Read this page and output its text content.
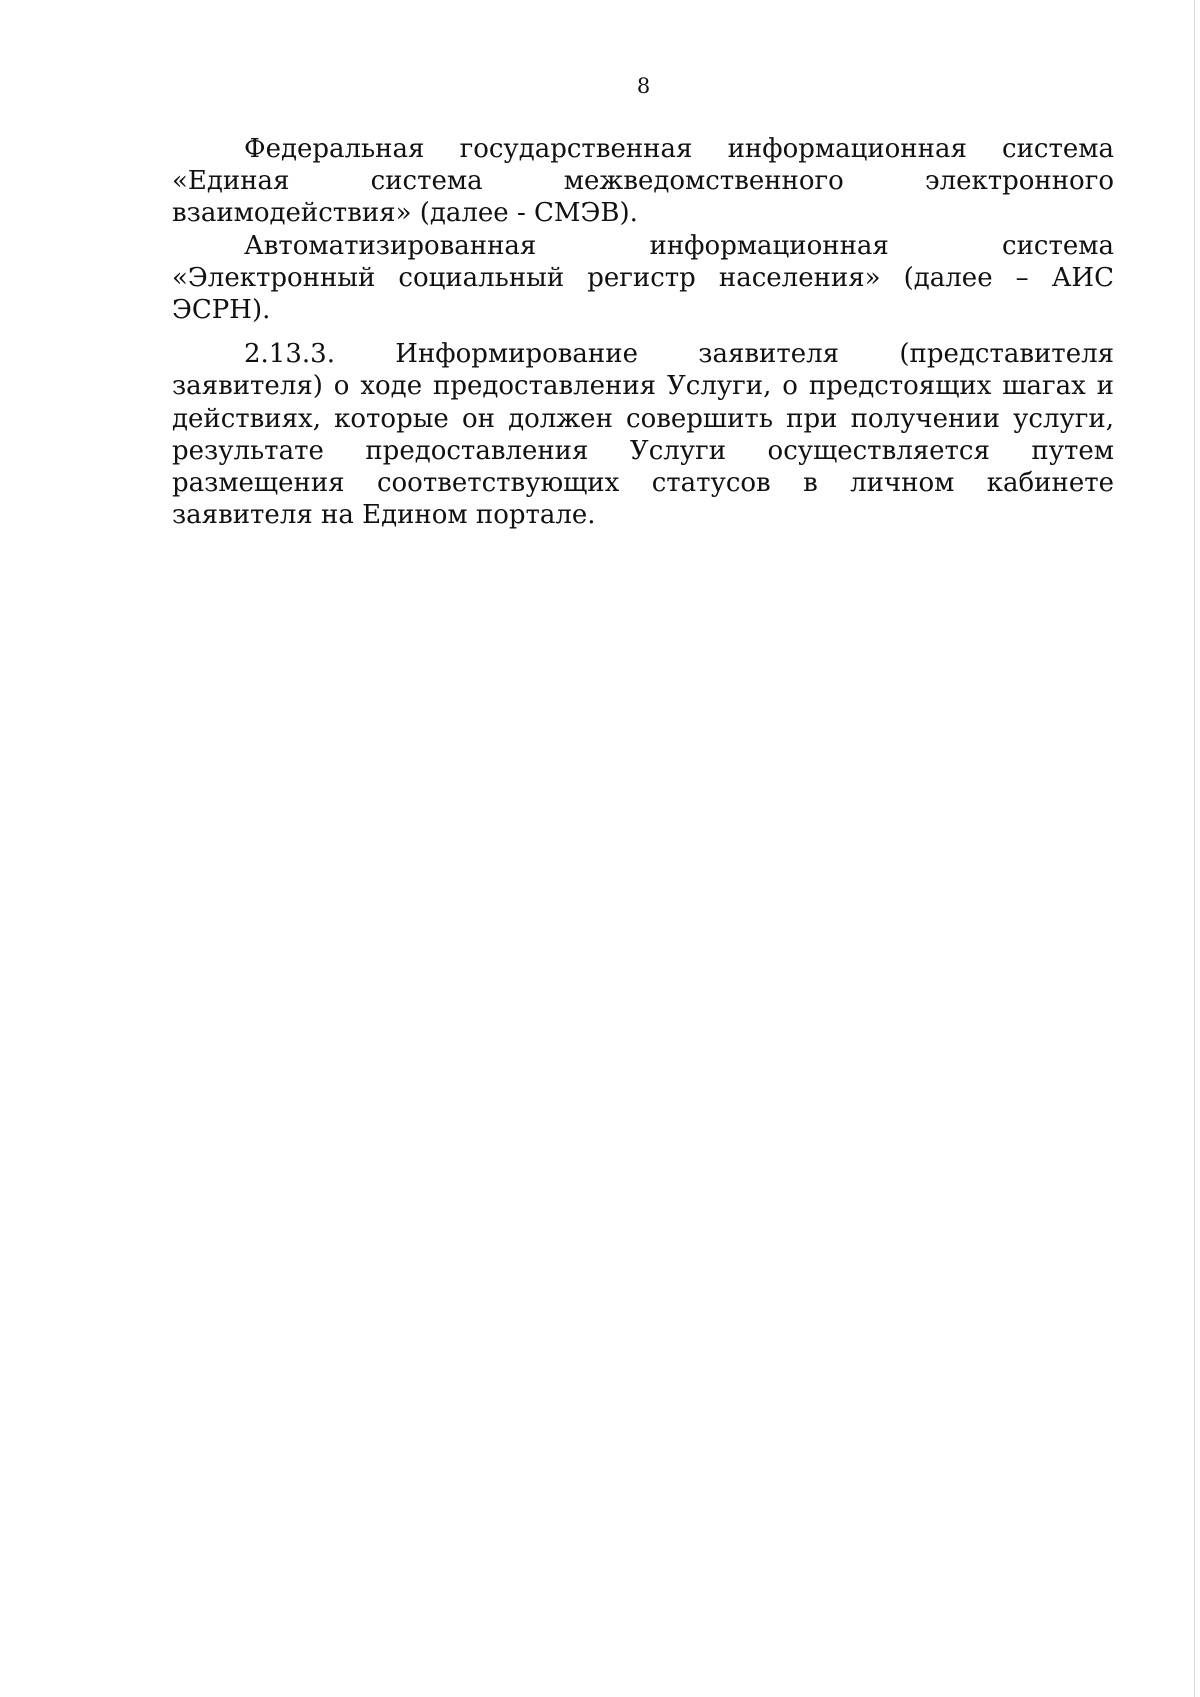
8

Федеральная государственная информационная система «Единая система межведомственного электронного взаимодействия» (далее - СМЭВ).

Автоматизированная информационная система «Электронный социальный регистр населения» (далее – АИС ЭСРН).

2.13.3. Информирование заявителя (представителя заявителя) о ходе предоставления Услуги, о предстоящих шагах и действиях, которые он должен совершить при получении услуги, результате предоставления Услуги осуществляется путем размещения соответствующих статусов в личном кабинете заявителя на Едином портале.
